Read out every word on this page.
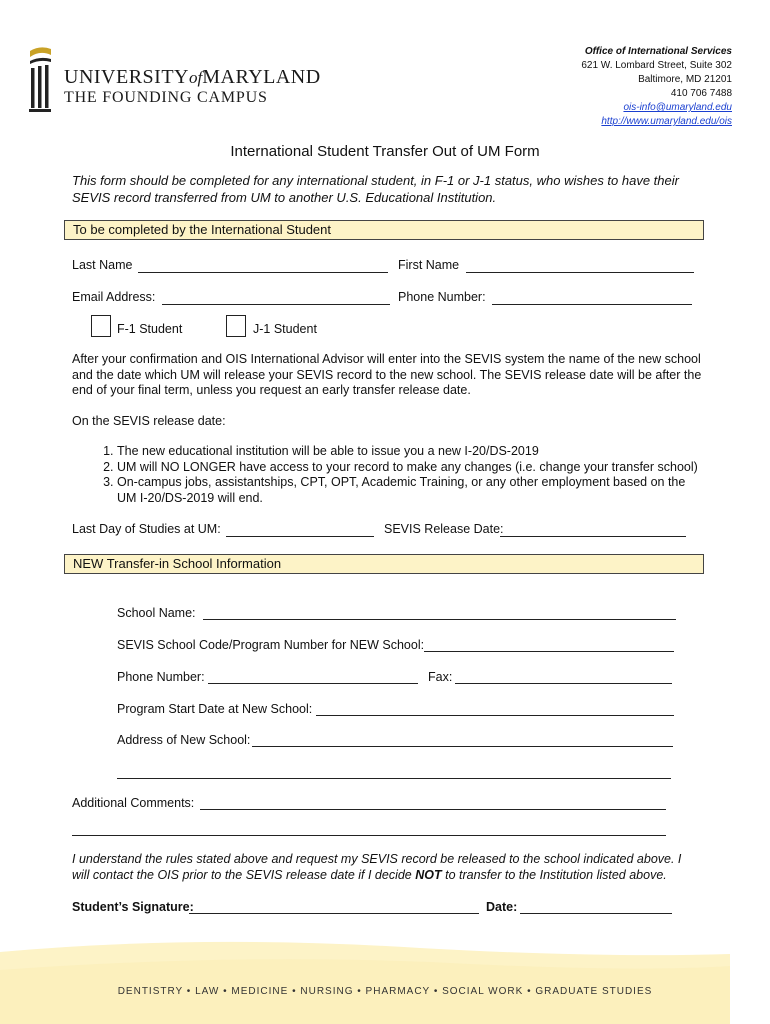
UNIVERSITYofMARYLAND
THE FOUNDING CAMPUS
Office of International Services
621 W. Lombard Street, Suite 302
Baltimore, MD 21201
410 706 7488
ois-info@umaryland.edu
http://www.umaryland.edu/ois
International Student Transfer Out of UM Form
This form should be completed for any international student, in F-1 or J-1 status, who wishes to have their SEVIS record transferred from UM to another U.S. Educational Institution.
To be completed by the International Student
Last Name	First Name
Email Address:	Phone Number:
F-1 Student	J-1 Student
After your confirmation and OIS International Advisor will enter into the SEVIS system the name of the new school and the date which UM will release your SEVIS record to the new school. The SEVIS release date will be after the end of your final term, unless you request an early transfer release date.
On the SEVIS release date:
1. The new educational institution will be able to issue you a new I-20/DS-2019
2. UM will NO LONGER have access to your record to make any changes (i.e. change your transfer school)
3. On-campus jobs, assistantships, CPT, OPT, Academic Training, or any other employment based on the UM I-20/DS-2019 will end.
Last Day of Studies at UM:	SEVIS Release Date:
NEW Transfer-in School Information
School Name:
SEVIS School Code/Program Number for NEW School:
Phone Number:	Fax:
Program Start Date at New School:
Address of New School:
Additional Comments:
I understand the rules stated above and request my SEVIS record be released to the school indicated above. I will contact the OIS prior to the SEVIS release date if I decide NOT to transfer to the Institution listed above.
Student’s Signature:	Date:
DENTISTRY • LAW • MEDICINE • NURSING • PHARMACY • SOCIAL WORK • GRADUATE STUDIES
